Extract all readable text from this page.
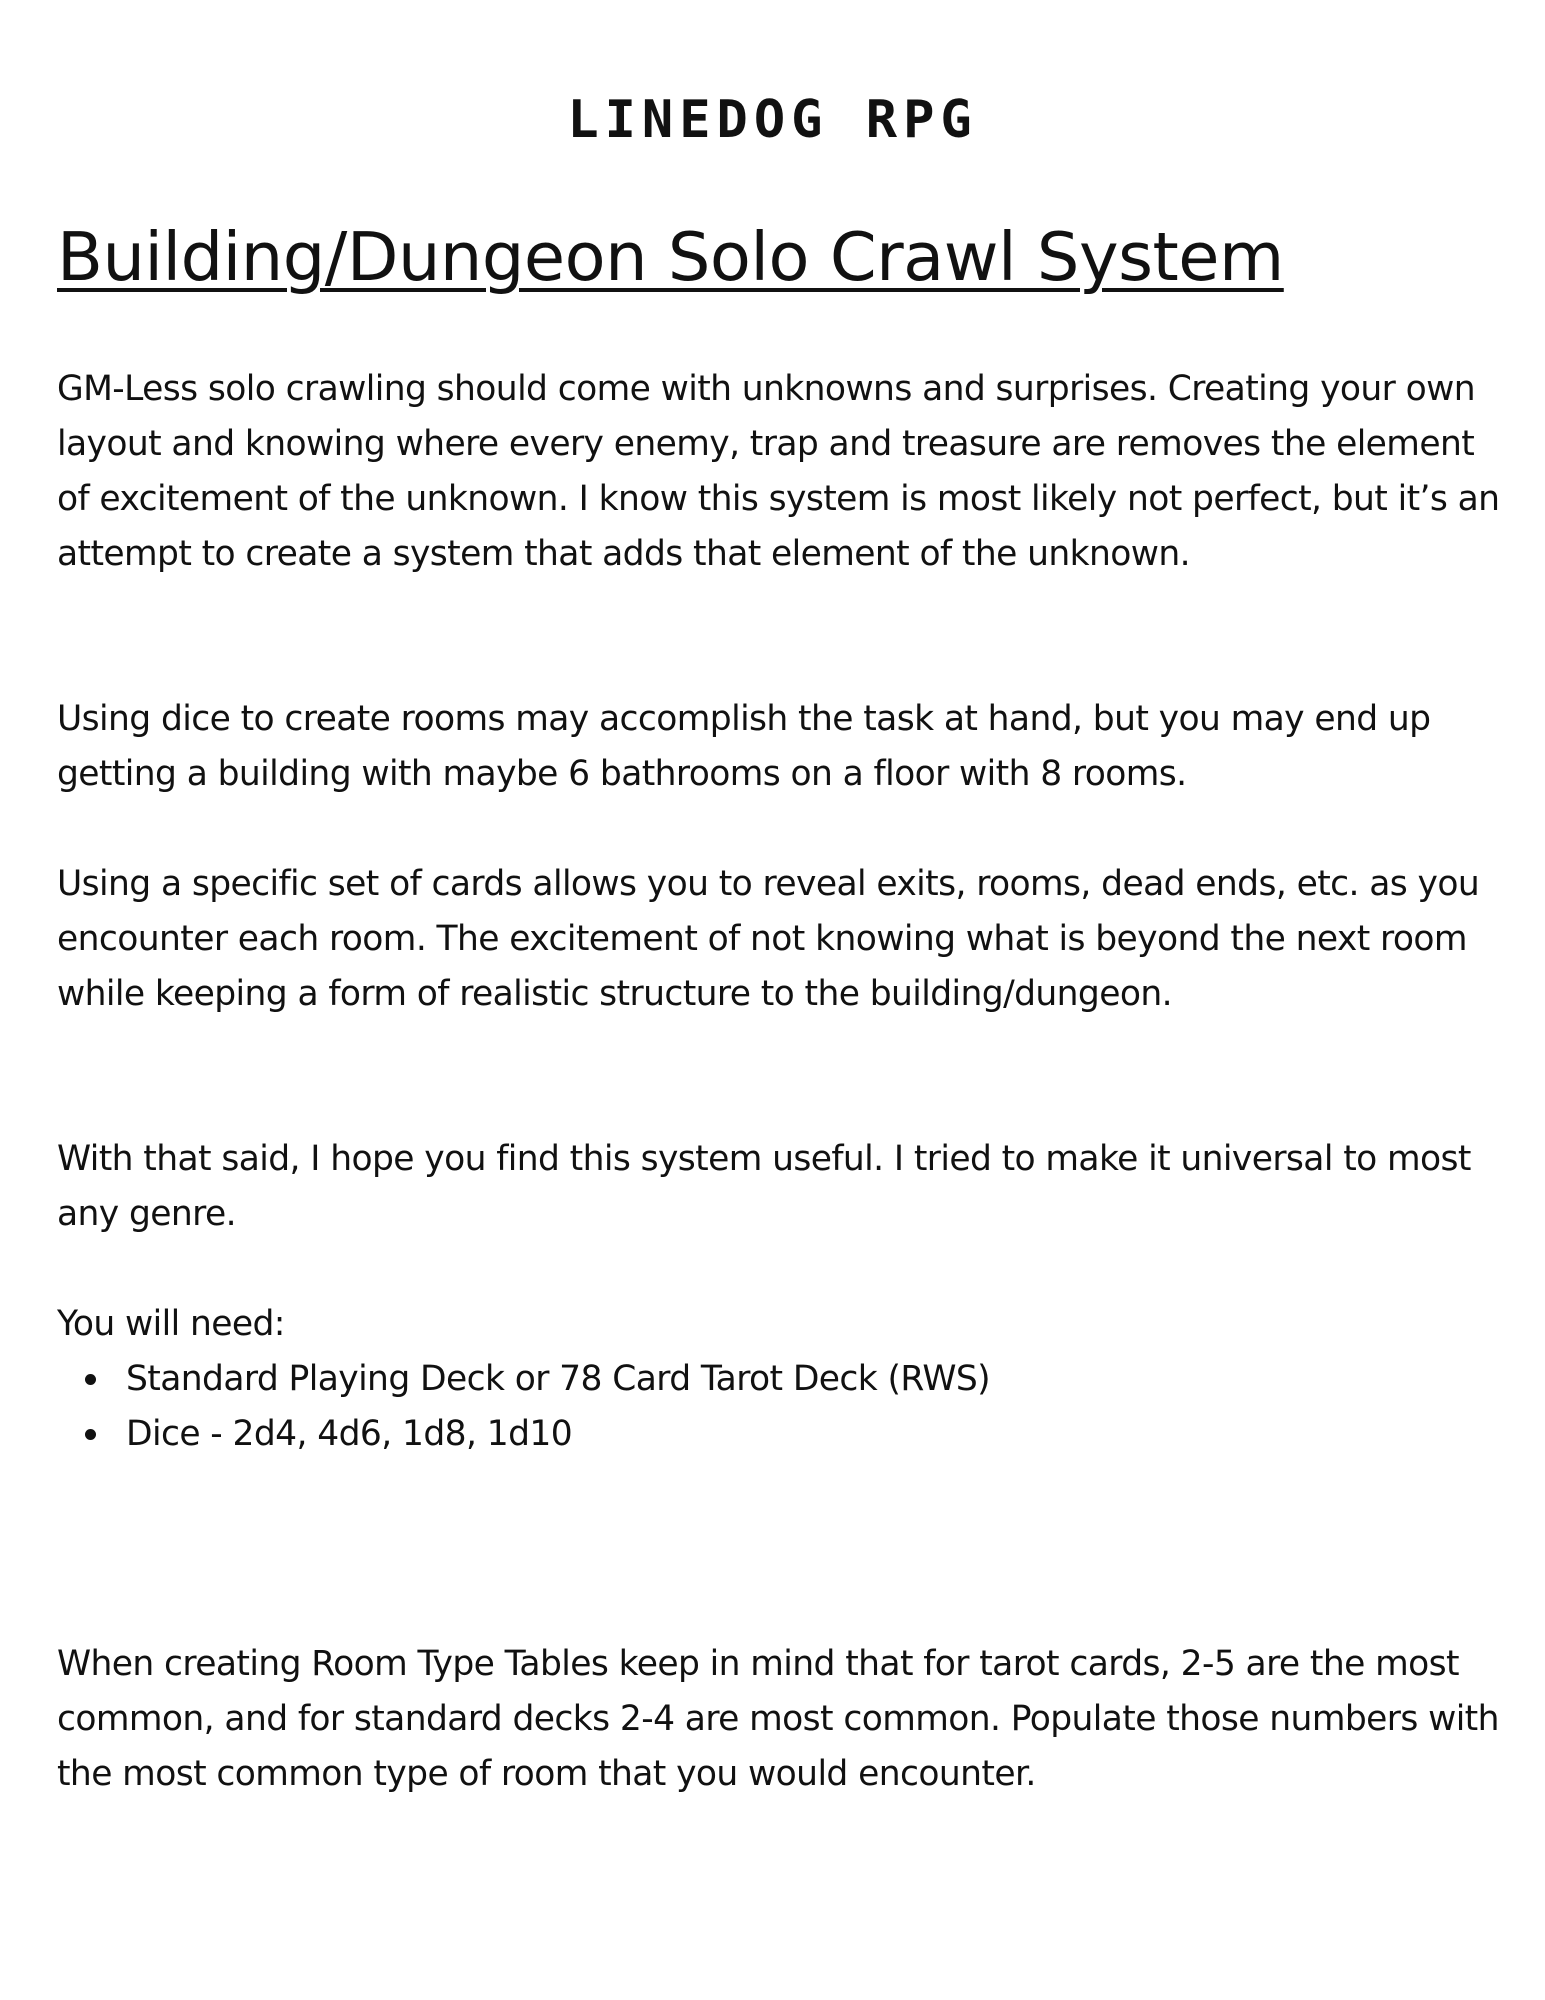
LINEDOG RPG
Building/Dungeon Solo Crawl System

GM-Less solo crawling should come with unknowns and surprises. Creating your own layout and knowing where every enemy, trap and treasure are removes the element of excitement of the unknown. I know this system is most likely not perfect, but it’s an attempt to create a system that adds that element of the unknown.

Using dice to create rooms may accomplish the task at hand, but you may end up getting a building with maybe 6 bathrooms on a floor with 8 rooms.

Using a specific set of cards allows you to reveal exits, rooms, dead ends, etc. as you encounter each room. The excitement of not knowing what is beyond the next room while keeping a form of realistic structure to the building/dungeon.

With that said, I hope you find this system useful. I tried to make it universal to most any genre.

You will need:

Standard Playing Deck or 78 Card Tarot Deck (RWS)
Dice - 2d4, 4d6, 1d8, 1d10

When creating Room Type Tables keep in mind that for tarot cards, 2-5 are the most common, and for standard decks 2-4 are most common. Populate those numbers with the most common type of room that you would encounter.
